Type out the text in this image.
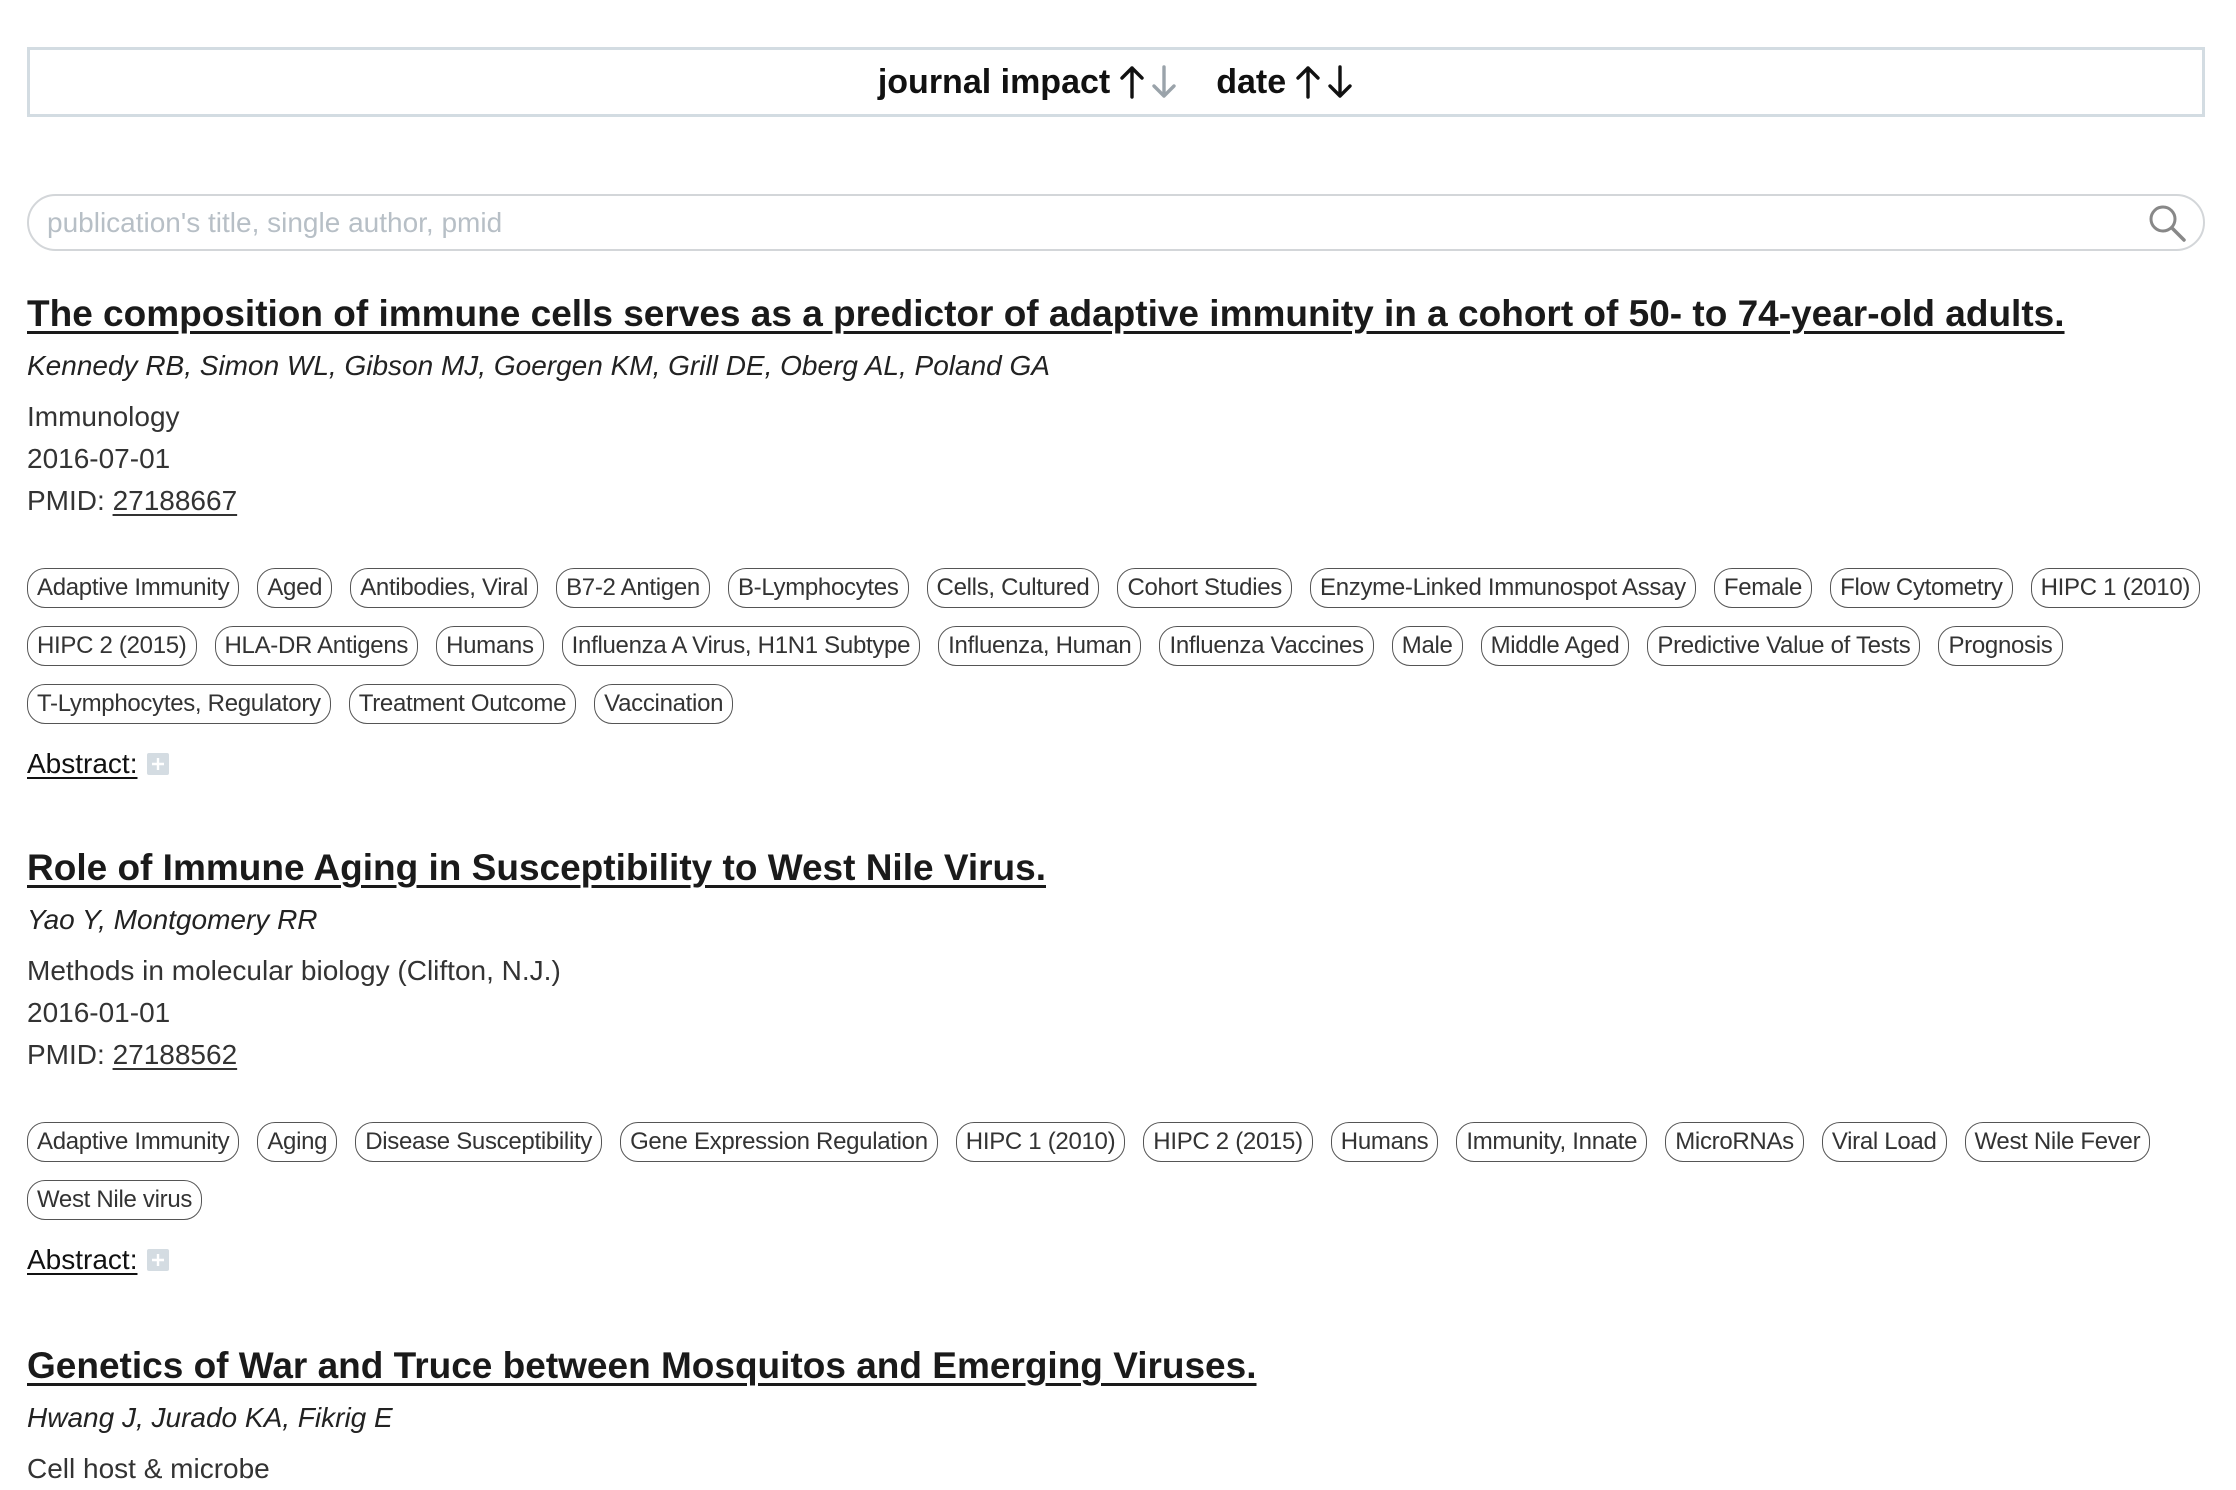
journal impact	date
publication's title, single author, pmid
The composition of immune cells serves as a predictor of adaptive immunity in a cohort of 50- to 74-year-old adults.
Kennedy RB, Simon WL, Gibson MJ, Goergen KM, Grill DE, Oberg AL, Poland GA
Immunology
2016-07-01
PMID: 27188667
Adaptive Immunity	Aged	Antibodies, Viral	B7-2 Antigen	B-Lymphocytes	Cells, Cultured	Cohort Studies	Enzyme-Linked Immunospot Assay	Female	Flow Cytometry	HIPC 1 (2010)
HIPC 2 (2015)	HLA-DR Antigens	Humans	Influenza A Virus, H1N1 Subtype	Influenza, Human	Influenza Vaccines	Male	Middle Aged	Predictive Value of Tests	Prognosis
T-Lymphocytes, Regulatory	Treatment Outcome	Vaccination
Abstract:
Role of Immune Aging in Susceptibility to West Nile Virus.
Yao Y, Montgomery RR
Methods in molecular biology (Clifton, N.J.)
2016-01-01
PMID: 27188562
Adaptive Immunity	Aging	Disease Susceptibility	Gene Expression Regulation	HIPC 1 (2010)	HIPC 2 (2015)	Humans	Immunity, Innate	MicroRNAs	Viral Load	West Nile Fever
West Nile virus
Abstract:
Genetics of War and Truce between Mosquitos and Emerging Viruses.
Hwang J, Jurado KA, Fikrig E
Cell host & microbe
